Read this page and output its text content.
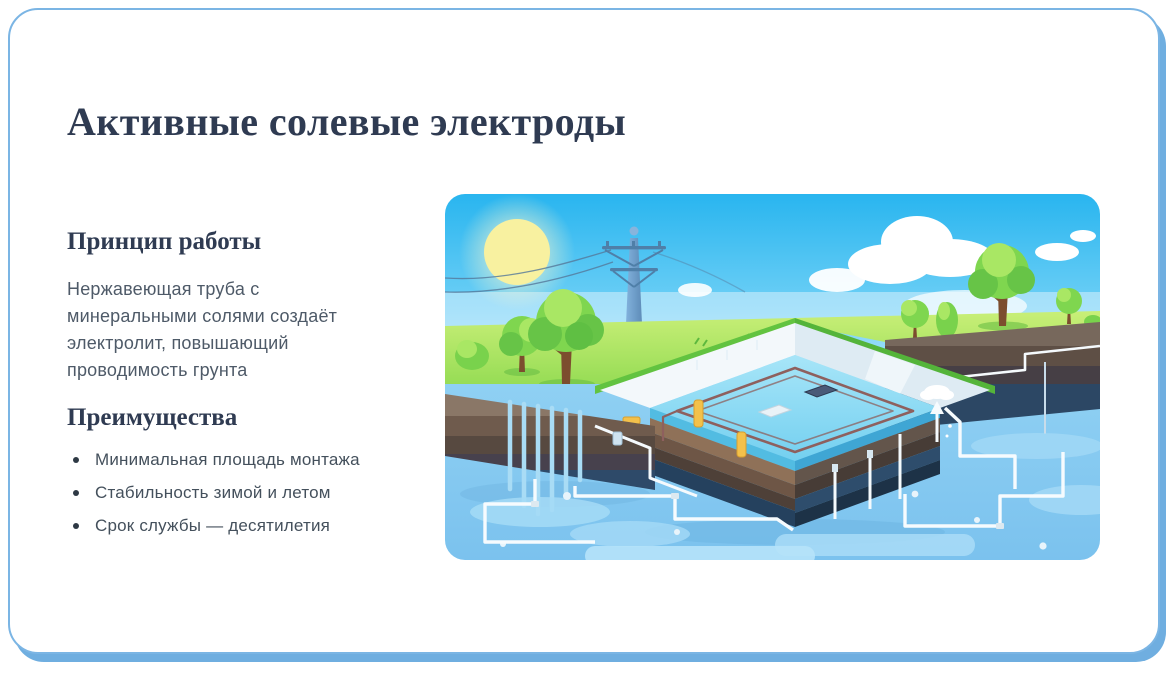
Активные солевые электроды
Принцип работы

Нержавеющая труба с минеральными солями создаёт электролит, повышающий проводимость грунта

Преимущества
Минимальная площадь монтажа
Стабильность зимой и летом
Срок службы — десятилетия
